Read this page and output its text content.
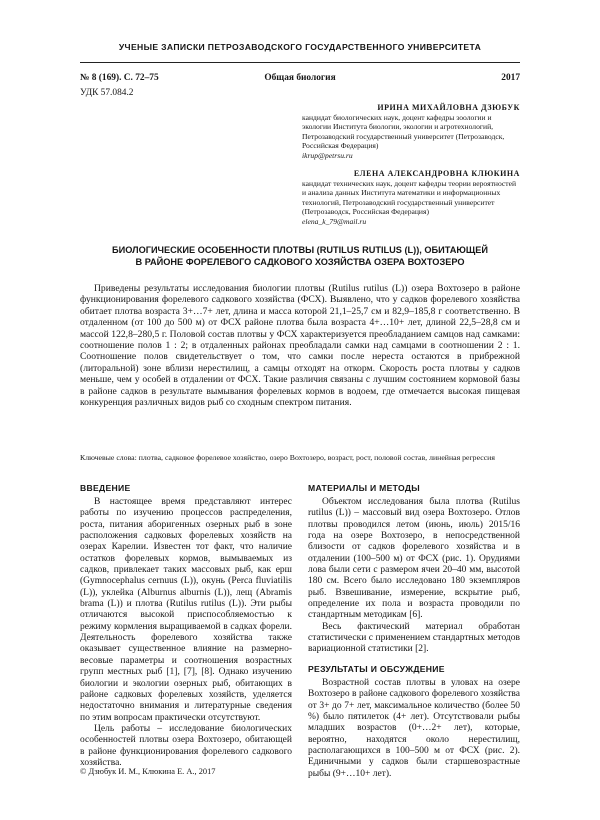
УЧЕНЫЕ ЗАПИСКИ ПЕТРОЗАВОДСКОГО ГОСУДАРСТВЕННОГО УНИВЕРСИТЕТА
№ 8 (169). С. 72–75	Общая биология	2017
УДК 57.084.2
ИРИНА МИХАЙЛОВНА ДЗЮБУК

кандидат биологических наук, доцент кафедры зоологии и экологии Института биологии, экологии и агротехнологий, Петрозаводский государственный университет (Петрозаводск, Российская Федерация)

ikrup@petrsu.ru
ЕЛЕНА АЛЕКСАНДРОВНА КЛЮКИНА

кандидат технических наук, доцент кафедры теории вероятностей и анализа данных Института математики и информационных технологий, Петрозаводский государственный университет (Петрозаводск, Российская Федерация)

elena_k_79@mail.ru
БИОЛОГИЧЕСКИЕ ОСОБЕННОСТИ ПЛОТВЫ (RUTILUS RUTILUS (L)), ОБИТАЮЩЕЙ
В РАЙОНЕ ФОРЕЛЕВОГО САДКОВОГО ХОЗЯЙСТВА ОЗЕРА ВОХТОЗЕРО

Приведены результаты исследования биологии плотвы (Rutilus rutilus (L)) озера Вохтозеро в районе функционирования форелевого садкового хозяйства (ФСХ). Выявлено, что у садков форелевого хозяйства обитает плотва возраста 3+…7+ лет, длина и масса которой 21,1–25,7 см и 82,9–185,8 г соответственно. В отдаленном (от 100 до 500 м) от ФСХ районе плотва была возраста 4+…10+ лет, длиной 22,5–28,8 см и массой 122,8–280,5 г. Половой состав плотвы у ФСХ характеризуется преобладанием самцов над самками: соотношение полов 1 : 2; в отдаленных районах преобладали самки над самцами в соотношении 2 : 1. Соотношение полов свидетельствует о том, что самки после нереста остаются в прибрежной (литоральной) зоне вблизи нерестилищ, а самцы отходят на откорм. Скорость роста плотвы у садков меньше, чем у особей в отдалении от ФСХ. Такие различия связаны с лучшим состоянием кормовой базы в районе садков в результате вымывания форелевых кормов в водоем, где отмечается высокая пищевая конкуренция различных видов рыб со сходным спектром питания.

Ключевые слова: плотва, садковое форелевое хозяйство, озеро Вохтозеро, возраст, рост, половой состав, линейная регрессия

ВВЕДЕНИЕ

В настоящее время представляют интерес работы по изучению процессов распределения, роста, питания аборигенных озерных рыб в зоне расположения садковых форелевых хозяйств на озерах Карелии. Известен тот факт, что наличие остатков форелевых кормов, вымываемых из садков, привлекает таких массовых рыб, как ерш (Gymnocephalus cernuus (L)), окунь (Perca fluviatilis (L)), уклейка (Alburnus alburnis (L)), лещ (Abramis brama (L)) и плотва (Rutilus rutilus (L)). Эти рыбы отличаются высокой приспособляемостью к режиму кормления выращиваемой в садках форели. Деятельность форелевого хозяйства также оказывает существенное влияние на размерно-весовые параметры и соотношения возрастных групп местных рыб [1], [7], [8]. Однако изучению биологии и экологии озерных рыб, обитающих в районе садковых форелевых хозяйств, уделяется недостаточно внимания и литературные сведения по этим вопросам практически отсутствуют.

Цель работы – исследование биологических особенностей плотвы озера Вохтозеро, обитающей в районе функционирования форелевого садкового хозяйства.

МАТЕРИАЛЫ И МЕТОДЫ

Объектом исследования была плотва (Rutilus rutilus (L)) – массовый вид озера Вохтозеро. Отлов плотвы проводился летом (июнь, июль) 2015/16 года на озере Вохтозеро, в непосредственной близости от садков форелевого хозяйства и в отдалении (100–500 м) от ФСХ (рис. 1). Орудиями лова были сети с размером ячеи 20–40 мм, высотой 180 см. Всего было исследовано 180 экземпляров рыб. Взвешивание, измерение, вскрытие рыб, определение их пола и возраста проводили по стандартным методикам [6].

Весь фактический материал обработан статистически с применением стандартных методов вариационной статистики [2].

РЕЗУЛЬТАТЫ И ОБСУЖДЕНИЕ

Возрастной состав плотвы в уловах на озере Вохтозеро в районе садкового форелевого хозяйства от 3+ до 7+ лет, максимальное количество (более 50 %) было пятилеток (4+ лет). Отсутствовали рыбы младших возрастов (0+…2+ лет), которые, вероятно, находятся около нерестилищ, располагающихся в 100–500 м от ФСХ (рис. 2). Единичными у садков были старшевозрастные рыбы (9+…10+ лет).

© Дзюбук И. М., Клюкина Е. А., 2017
